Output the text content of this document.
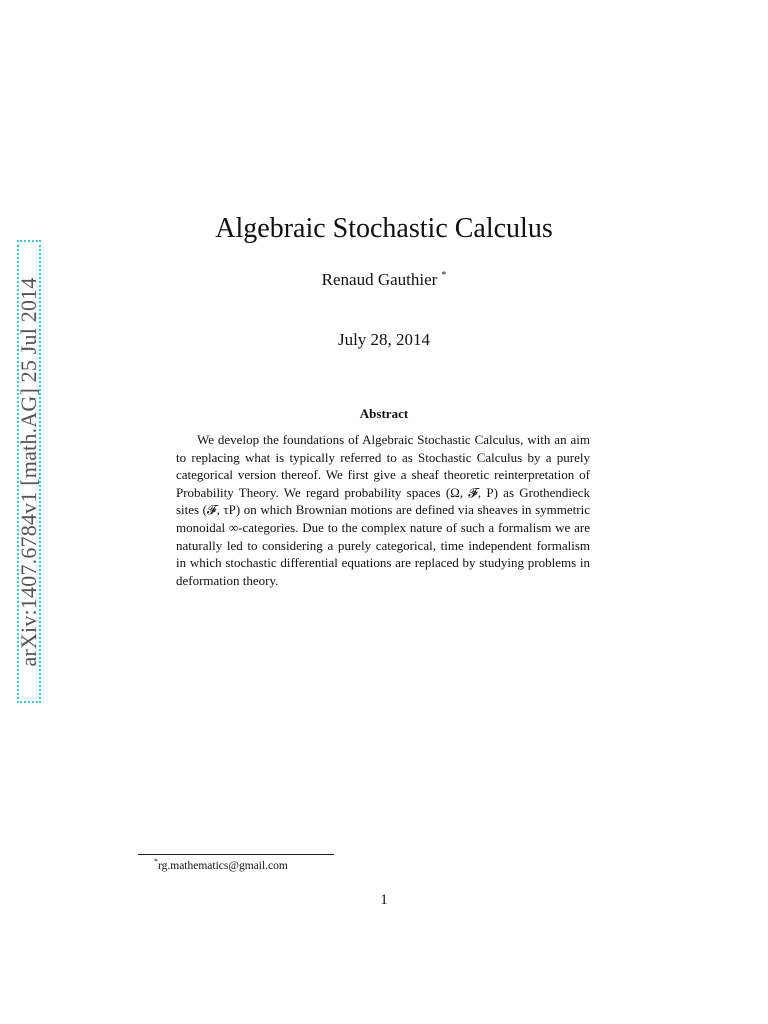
arXiv:1407.6784v1 [math.AG] 25 Jul 2014
Algebraic Stochastic Calculus
Renaud Gauthier *
July 28, 2014
Abstract
We develop the foundations of Algebraic Stochastic Calculus, with an aim to replacing what is typically referred to as Stochastic Calculus by a purely categorical version thereof. We first give a sheaf theoretic reinterpretation of Probability Theory. We regard probability spaces (Ω, 𝓕, P) as Grothendieck sites (𝓕, τP) on which Brownian motions are defined via sheaves in symmetric monoidal ∞-categories. Due to the complex nature of such a formalism we are naturally led to considering a purely categorical, time independent formalism in which stochastic differential equations are replaced by studying problems in deformation theory.
*rg.mathematics@gmail.com
1
